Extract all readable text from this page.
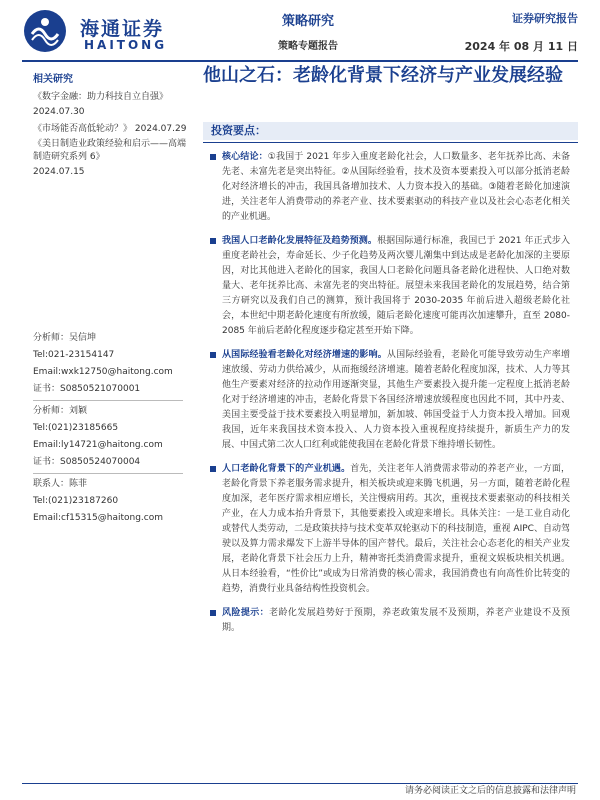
海通证券
HAITONG
策略研究
策略专题报告
证券研究报告
2024 年 08 月 11 日
相关研究
《数字金融：助力科技自立自强》
2024.07.30
《市场能否高低轮动？》 2024.07.29
《美日制造业政策经验和启示——高端制造研究系列 6》
2024.07.15
分析师：吴信坤
Tel:021-23154147
Email:wxk12750@haitong.com
证书：S0850521070001
分析师：刘颖
Tel:(021)23185665
Email:ly14721@haitong.com
证书：S0850524070004
联系人：陈菲
Tel:(021)23187260
Email:cf15315@haitong.com
他山之石：老龄化背景下经济与产业发展经验
投资要点：
核心结论：①我国于 2021 年步入重度老龄化社会，人口数量多、老年抚养比高、未备先老、未富先老是突出特征。②从国际经验看，技术及资本要素投入可以部分抵消老龄化对经济增长的冲击，我国具备增加技术、人力资本投入的基础。③随着老龄化加速演进，关注老年人消费带动的养老产业、技术要素驱动的科技产业以及社会心态老化相关的产业机遇。
我国人口老龄化发展特征及趋势预测。根据国际通行标准，我国已于 2021 年正式步入重度老龄社会，寿命延长、少子化趋势及两次婴儿潮集中到达成是老龄化加深的主要原因，对比其他进入老龄化的国家，我国人口老龄化问题具备老龄化进程快、人口绝对数量大、老年抚养比高、未富先老的突出特征。展望未来我国老龄化的发展趋势，结合第三方研究以及我们自己的测算，预计我国将于 2030-2035 年前后进入超级老龄化社会，本世纪中期老龄化速度有所放缓，随后老龄化速度可能再次加速攀升，直至 2080-2085 年前后老龄化程度逐步稳定甚至开始下降。
从国际经验看老龄化对经济增速的影响。从国际经验看，老龄化可能导致劳动生产率增速放缓、劳动力供给减少，从而拖缓经济增速。随着老龄化程度加深，技术、人力等其他生产要素对经济的拉动作用逐渐突显，其他生产要素投入提升能一定程度上抵消老龄化对于经济增速的冲击，老龄化背景下各国经济增速放缓程度也因此不同，其中丹麦、美国主要受益于技术要素投入明显增加，新加坡、韩国受益于人力资本投入增加。回观我国，近年来我国技术资本投入、人力资本投入重视程度持续提升，新质生产力的发展、中国式第二次人口红利或能使我国在老龄化背景下维持增长韧性。
人口老龄化背景下的产业机遇。首先，关注老年人消费需求带动的养老产业，一方面，老龄化背景下养老服务需求提升，相关板块或迎来腾飞机遇，另一方面，随着老龄化程度加深，老年医疗需求相应增长，关注慢病用药。其次，重视技术要素驱动的科技相关产业，在人力成本抬升背景下，其他要素投入或迎来增长。具体关注：一是工业自动化或替代人类劳动，二是政策扶持与技术变革双轮驱动下的科技制造，重视 AIPC、自动驾驶以及算力需求爆发下上游半导体的国产替代。最后，关注社会心态老化的相关产业发展，老龄化背景下社会压力上升，精神寄托类消费需求提升，重视文娱板块相关机遇。从日本经验看，“性价比”或成为日常消费的核心需求，我国消费也有向高性价比转变的趋势，消费行业具备结构性投资机会。
风险提示：老龄化发展趋势好于预期，养老政策发展不及预期，养老产业建设不及预期。
请务必阅读正文之后的信息披露和法律声明
